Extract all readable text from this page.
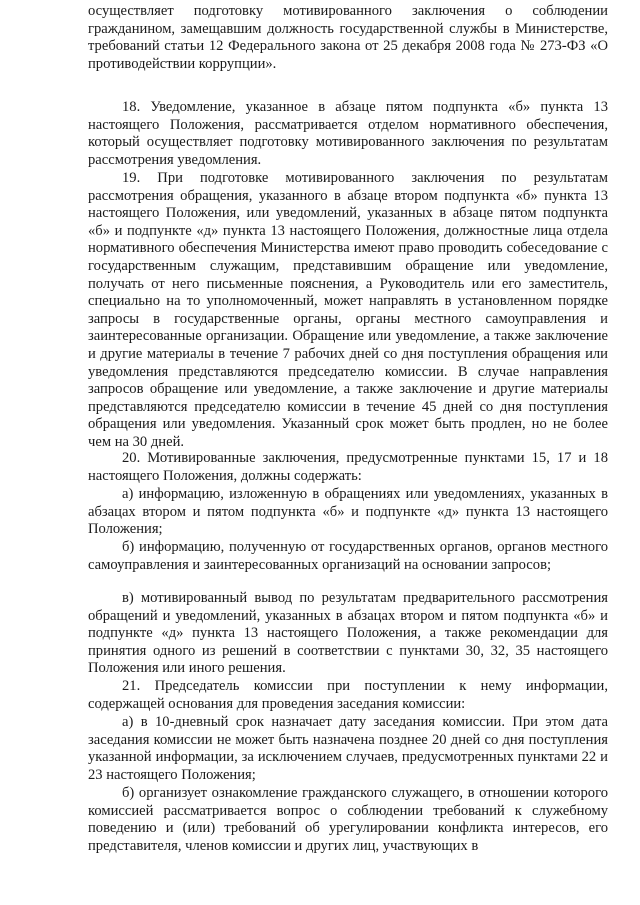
осуществляет подготовку мотивированного заключения о соблюдении гражданином, замещавшим должность государственной службы в Министерстве, требований статьи 12 Федерального закона от 25 декабря 2008 года № 273-ФЗ «О противодействии коррупции».

18. Уведомление, указанное в абзаце пятом подпункта «б» пункта 13 настоящего Положения, рассматривается отделом нормативного обеспечения, который осуществляет подготовку мотивированного заключения по результатам рассмотрения уведомления.

19. При подготовке мотивированного заключения по результатам рассмотрения обращения, указанного в абзаце втором подпункта «б» пункта 13 настоящего Положения, или уведомлений, указанных в абзаце пятом подпункта «б» и подпункте «д» пункта 13 настоящего Положения, должностные лица отдела нормативного обеспечения Министерства имеют право проводить собеседование с государственным служащим, представившим обращение или уведомление, получать от него письменные пояснения, а Руководитель или его заместитель, специально на то уполномоченный, может направлять в установленном порядке запросы в государственные органы, органы местного самоуправления и заинтересованные организации. Обращение или уведомление, а также заключение и другие материалы в течение 7 рабочих дней со дня поступления обращения или уведомления представляются председателю комиссии. В случае направления запросов обращение или уведомление, а также заключение и другие материалы представляются председателю комиссии в течение 45 дней со дня поступления обращения или уведомления. Указанный срок может быть продлен, но не более чем на 30 дней.

20. Мотивированные заключения, предусмотренные пунктами 15, 17 и 18 настоящего Положения, должны содержать:

а) информацию, изложенную в обращениях или уведомлениях, указанных в абзацах втором и пятом подпункта «б» и подпункте «д» пункта 13 настоящего Положения;

б) информацию, полученную от государственных органов, органов местного самоуправления и заинтересованных организаций на основании запросов;

в) мотивированный вывод по результатам предварительного рассмотрения обращений и уведомлений, указанных в абзацах втором и пятом подпункта «б» и подпункте «д» пункта 13 настоящего Положения, а также рекомендации для принятия одного из решений в соответствии с пунктами 30, 32, 35 настоящего Положения или иного решения.

21. Председатель комиссии при поступлении к нему информации, содержащей основания для проведения заседания комиссии:

а) в 10-дневный срок назначает дату заседания комиссии. При этом дата заседания комиссии не может быть назначена позднее 20 дней со дня поступления указанной информации, за исключением случаев, предусмотренных пунктами 22 и 23 настоящего Положения;

б) организует ознакомление гражданского служащего, в отношении которого комиссией рассматривается вопрос о соблюдении требований к служебному поведению и (или) требований об урегулировании конфликта интересов, его представителя, членов комиссии и других лиц, участвующих в
